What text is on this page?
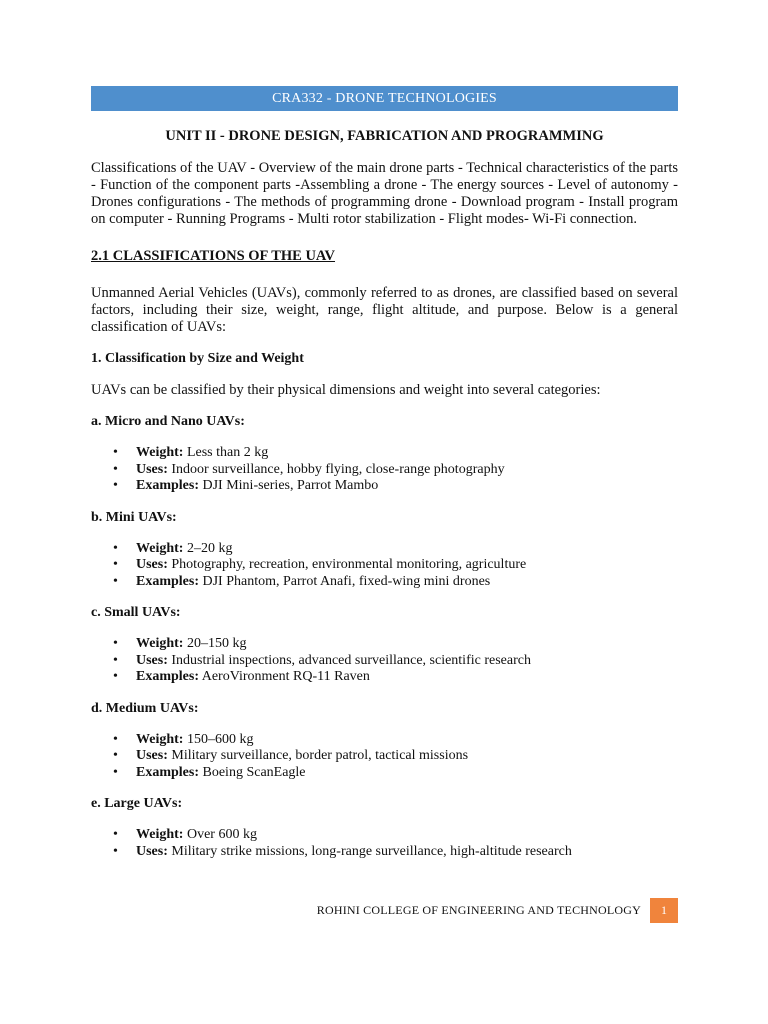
CRA332 - DRONE TECHNOLOGIES
UNIT II - DRONE DESIGN, FABRICATION AND PROGRAMMING

Classifications of the UAV - Overview of the main drone parts - Technical characteristics of the parts - Function of the component parts -Assembling a drone - The energy sources - Level of autonomy - Drones configurations - The methods of programming drone - Download program - Install program on computer - Running Programs - Multi rotor stabilization - Flight modes- Wi-Fi connection.

2.1 CLASSIFICATIONS OF THE UAV

Unmanned Aerial Vehicles (UAVs), commonly referred to as drones, are classified based on several factors, including their size, weight, range, flight altitude, and purpose. Below is a general classification of UAVs:

1. Classification by Size and Weight
UAVs can be classified by their physical dimensions and weight into several categories:
a. Micro and Nano UAVs:
• Weight: Less than 2 kg
• Uses: Indoor surveillance, hobby flying, close-range photography
• Examples: DJI Mini-series, Parrot Mambo
b. Mini UAVs:
• Weight: 2–20 kg
• Uses: Photography, recreation, environmental monitoring, agriculture
• Examples: DJI Phantom, Parrot Anafi, fixed-wing mini drones
c. Small UAVs:
• Weight: 20–150 kg
• Uses: Industrial inspections, advanced surveillance, scientific research
• Examples: AeroVironment RQ-11 Raven
d. Medium UAVs:
• Weight: 150–600 kg
• Uses: Military surveillance, border patrol, tactical missions
• Examples: Boeing ScanEagle
e. Large UAVs:
• Weight: Over 600 kg
• Uses: Military strike missions, long-range surveillance, high-altitude research
ROHINI COLLEGE OF ENGINEERING AND TECHNOLOGY	1
